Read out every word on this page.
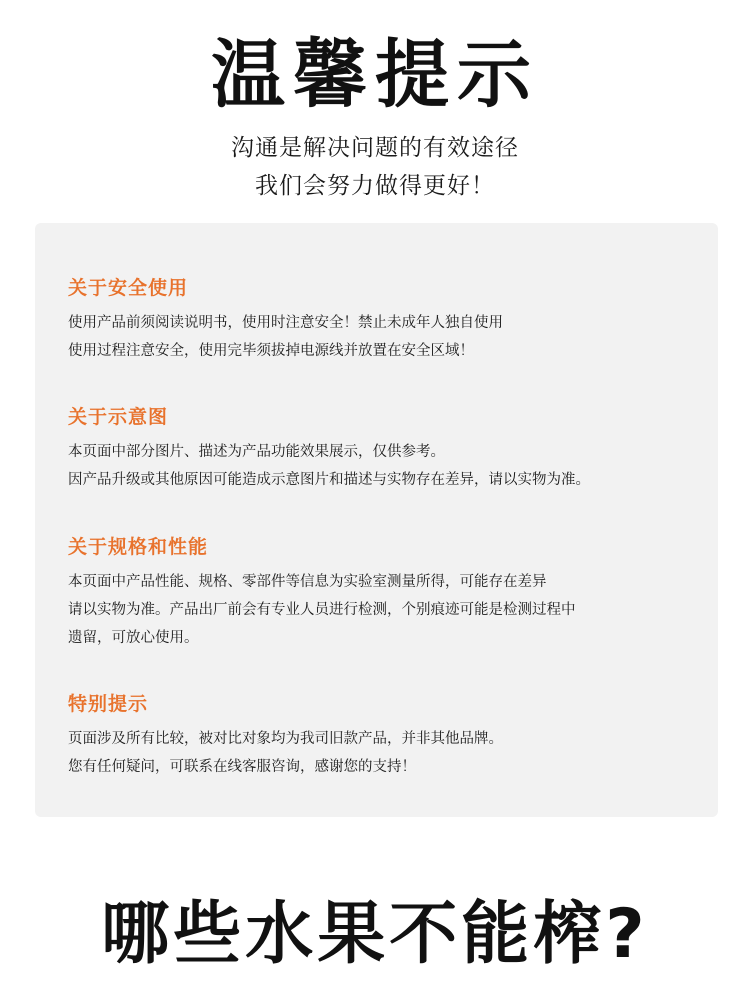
温馨提示
沟通是解决问题的有效途径
我们会努力做得更好！
关于安全使用
使用产品前须阅读说明书，使用时注意安全！禁止未成年人独自使用
使用过程注意安全，使用完毕须拔掉电源线并放置在安全区域！
关于示意图
本页面中部分图片、描述为产品功能效果展示，仅供参考。
因产品升级或其他原因可能造成示意图片和描述与实物存在差异，请以实物为准。
关于规格和性能
本页面中产品性能、规格、零部件等信息为实验室测量所得，可能存在差异
请以实物为准。产品出厂前会有专业人员进行检测，个别痕迹可能是检测过程中
遗留，可放心使用。
特别提示
页面涉及所有比较，被对比对象均为我司旧款产品，并非其他品牌。
您有任何疑问，可联系在线客服咨询，感谢您的支持！
哪些水果不能榨?
